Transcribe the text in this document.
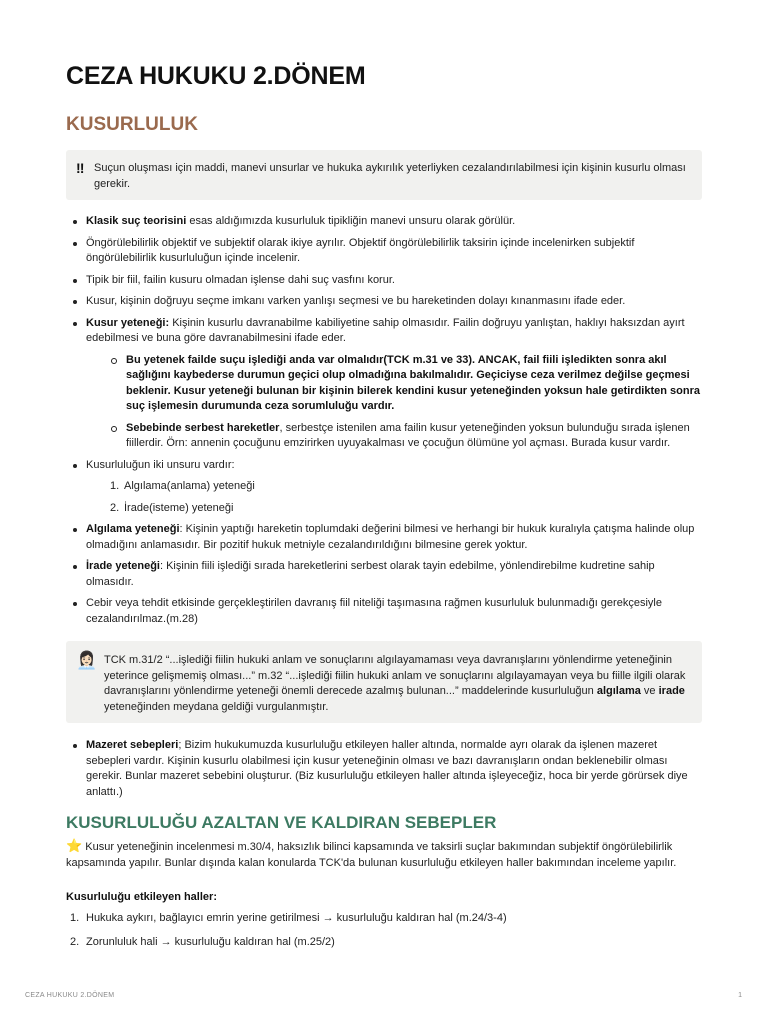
CEZA HUKUKU 2.DÖNEM
KUSURLULUK
‼ Suçun oluşması için maddi, manevi unsurlar ve hukuka aykırılık yeterliyken cezalandırılabilmesi için kişinin kusurlu olması gerekir.
Klasik suç teorisini esas aldığımızda kusurluluk tipikliğin manevi unsuru olarak görülür.
Öngörülebilirlik objektif ve subjektif olarak ikiye ayrılır. Objektif öngörülebilirlik taksirin içinde incelenirken subjektif öngörülebilirlik kusurluluğun içinde incelenir.
Tipik bir fiil, failin kusuru olmadan işlense dahi suç vasfını korur.
Kusur, kişinin doğruyu seçme imkanı varken yanlışı seçmesi ve bu hareketinden dolayı kınanmasını ifade eder.
Kusur yeteneği: Kişinin kusurlu davranabilme kabiliyetine sahip olmasıdır. Failin doğruyu yanlıştan, haklıyı haksızdan ayırt edebilmesi ve buna göre davranabilmesini ifade eder.
Bu yetenek failde suçu işlediği anda var olmalıdır(TCK m.31 ve 33). ANCAK, fail fiili işledikten sonra akıl sağlığını kaybederse durumun geçici olup olmadığına bakılmalıdır. Geçiciyse ceza verilmez değilse geçmesi beklenir. Kusur yeteneği bulunan bir kişinin bilerek kendini kusur yeteneğinden yoksun hale getirdikten sonra suç işlemesin durumunda ceza sorumluluğu vardır.
Sebebinde serbest hareketler, serbestçe istenilen ama failin kusur yeteneğinden yoksun bulunduğu sırada işlenen fiillerdir. Örn: annenin çocuğunu emzirirken uyuyakalması ve çocuğun ölümüne yol açması. Burada kusur vardır.
Kusurluluğun iki unsuru vardır:
1. Algılama(anlama) yeteneği
2. İrade(isteme) yeteneği
Algılama yeteneği: Kişinin yaptığı hareketin toplumdaki değerini bilmesi ve herhangi bir hukuk kuralıyla çatışma halinde olup olmadığını anlamasıdır. Bir pozitif hukuk metniyle cezalandırıldığını bilmesine gerek yoktur.
İrade yeteneği: Kişinin fiili işlediği sırada hareketlerini serbest olarak tayin edebilme, yönlendirebilme kudretine sahip olmasıdır.
Cebir veya tehdit etkisinde gerçekleştirilen davranış fiil niteliği taşımasına rağmen kusurluluk bulunmadığı gerekçesiyle cezalandırılmaz.(m.28)
👩🏻‍💼 TCK m.31/2 “...işlediği fiilin hukuki anlam ve sonuçlarını algılayamaması veya davranışlarını yönlendirme yeteneğinin yeterince gelişmemiş olması...” m.32 “...işlediği fiilin hukuki anlam ve sonuçlarını algılayamayan veya bu fiille ilgili olarak davranışlarını yönlendirme yeteneği önemli derecede azalmış bulunan...” maddelerinde kusurluluğun algılama ve irade yeteneğinden meydana geldiği vurgulanmıştır.
Mazeret sebepleri; Bizim hukukumuzda kusurluluğu etkileyen haller altında, normalde ayrı olarak da işlenen mazeret sebepleri vardır. Kişinin kusurlu olabilmesi için kusur yeteneğinin olması ve bazı davranışların ondan beklenebilir olması gerekir. Bunlar mazeret sebebini oluşturur. (Biz kusurluluğu etkileyen haller altında işleyeceğiz, hoca bir yerde görürsek diye anlattı.)
KUSURLULUĞU AZALTAN VE KALDIRAN SEBEPLER
⭐ Kusur yeteneğinin incelenmesi m.30/4, haksızlık bilinci kapsamında ve taksirli suçlar bakımından subjektif öngörülebilirlik kapsamında yapılır. Bunlar dışında kalan konularda TCK'da bulunan kusurluluğu etkileyen haller bakımından inceleme yapılır.
Kusurluluğu etkileyen haller:
1. Hukuka aykırı, bağlayıcı emrin yerine getirilmesi → kusurluluğu kaldıran hal (m.24/3-4)
2. Zorunluluk hali → kusurluluğu kaldıran hal (m.25/2)
CEZA HUKUKU 2.DÖNEM	1
